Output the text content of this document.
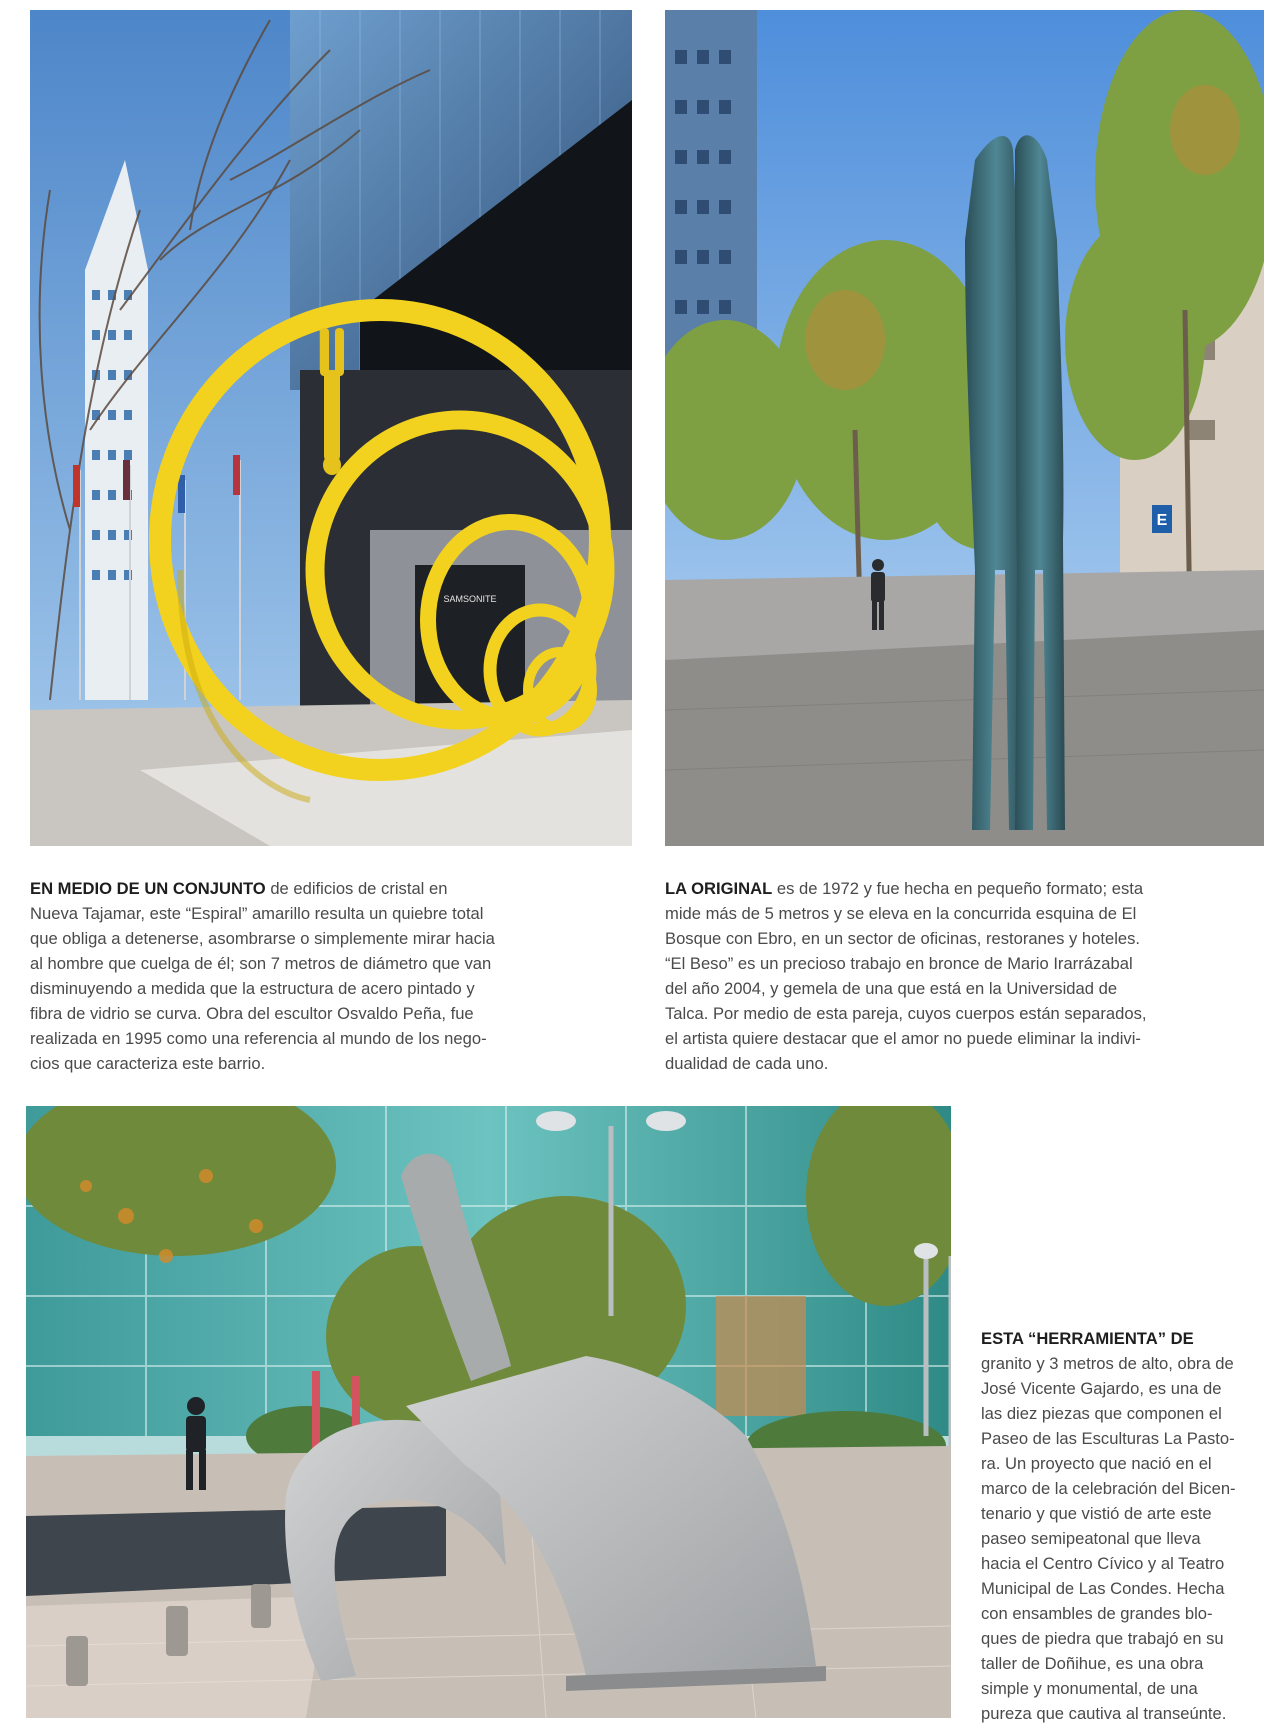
SAMSONITE
E

EN MEDIO DE UN CONJUNTO de edificios de cristal en
Nueva Tajamar, este “Espiral” amarillo resulta un quiebre total
que obliga a detenerse, asombrarse o simplemente mirar hacia
al hombre que cuelga de él; son 7 metros de diámetro que van
disminuyendo a medida que la estructura de acero pintado y
fibra de vidrio se curva. Obra del escultor Osvaldo Peña, fue
realizada en 1995 como una referencia al mundo de los nego-
cios que caracteriza este barrio.

LA ORIGINAL es de 1972 y fue hecha en pequeño formato; esta
mide más de 5 metros y se eleva en la concurrida esquina de El
Bosque con Ebro, en un sector de oficinas, restoranes y hoteles.
“El Beso” es un precioso trabajo en bronce de Mario Irarrázabal
del año 2004, y gemela de una que está en la Universidad de
Talca. Por medio de esta pareja, cuyos cuerpos están separados,
el artista quiere destacar que el amor no puede eliminar la indivi-
dualidad de cada uno.

ESTA “HERRAMIENTA” DE
granito y 3 metros de alto, obra de
José Vicente Gajardo, es una de
las diez piezas que componen el
Paseo de las Esculturas La Pasto-
ra. Un proyecto que nació en el
marco de la celebración del Bicen-
tenario y que vistió de arte este
paseo semipeatonal que lleva
hacia el Centro Cívico y al Teatro
Municipal de Las Condes. Hecha
con ensambles de grandes blo-
ques de piedra que trabajó en su
taller de Doñihue, es una obra
simple y monumental, de una
pureza que cautiva al transeúnte.
